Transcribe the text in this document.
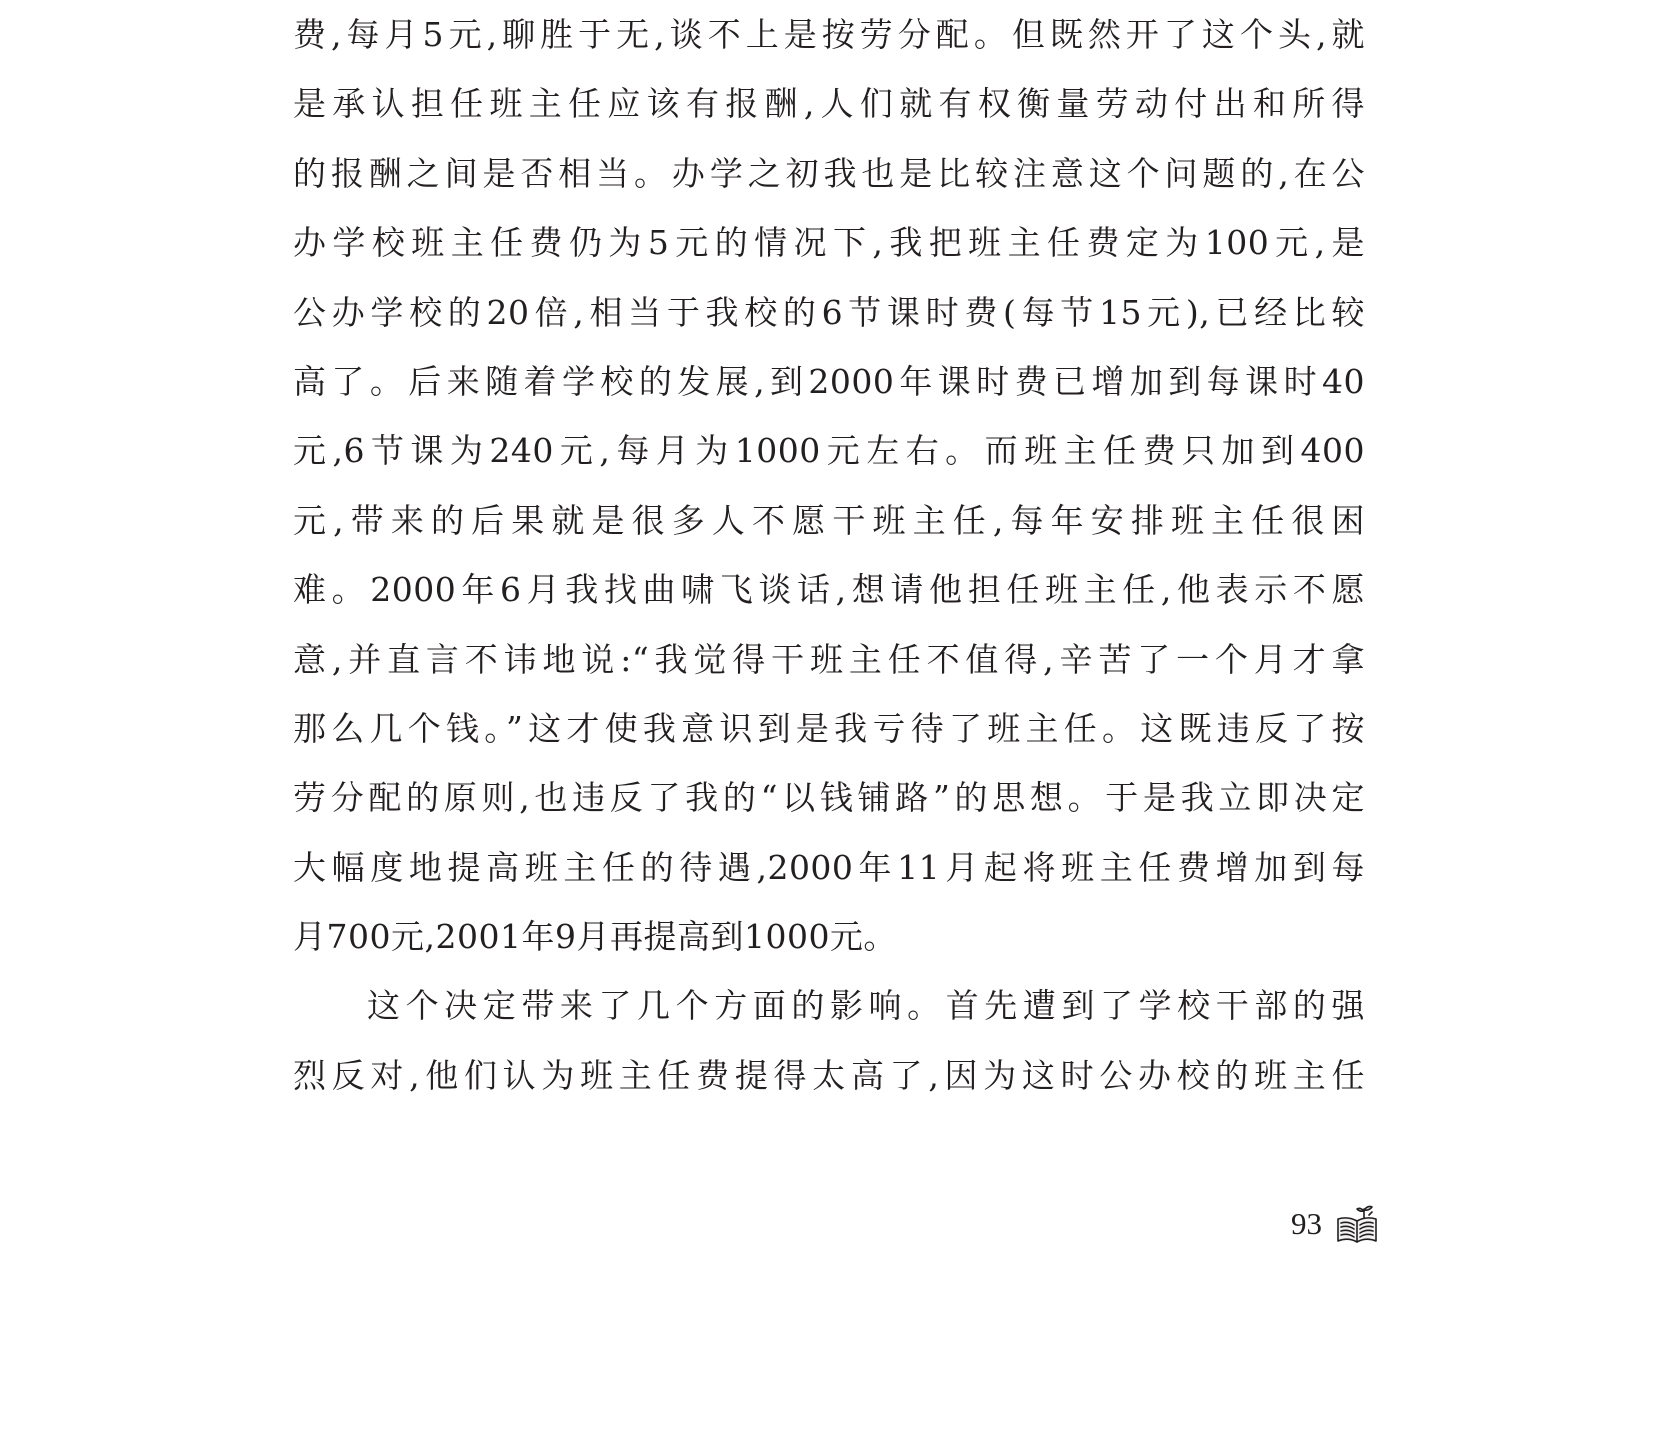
费,每月5元,聊胜于无,谈不上是按劳分配。但既然开了这个头,就
是承认担任班主任应该有报酬,人们就有权衡量劳动付出和所得
的报酬之间是否相当。办学之初我也是比较注意这个问题的,在公
办学校班主任费仍为5元的情况下,我把班主任费定为100元,是
公办学校的20倍,相当于我校的6节课时费(每节15元),已经比较
高了。后来随着学校的发展,到2000年课时费已增加到每课时40
元,6节课为240元,每月为1000元左右。而班主任费只加到400
元,带来的后果就是很多人不愿干班主任,每年安排班主任很困
难。2000年6月我找曲啸飞谈话,想请他担任班主任,他表示不愿
意,并直言不讳地说:“我觉得干班主任不值得,辛苦了一个月才拿
那么几个钱。”这才使我意识到是我亏待了班主任。这既违反了按
劳分配的原则,也违反了我的“以钱铺路”的思想。于是我立即决定
大幅度地提高班主任的待遇,2000年11月起将班主任费增加到每
月700元,2001年9月再提高到1000元。
这个决定带来了几个方面的影响。首先遭到了学校干部的强
烈反对,他们认为班主任费提得太高了,因为这时公办校的班主任
93
